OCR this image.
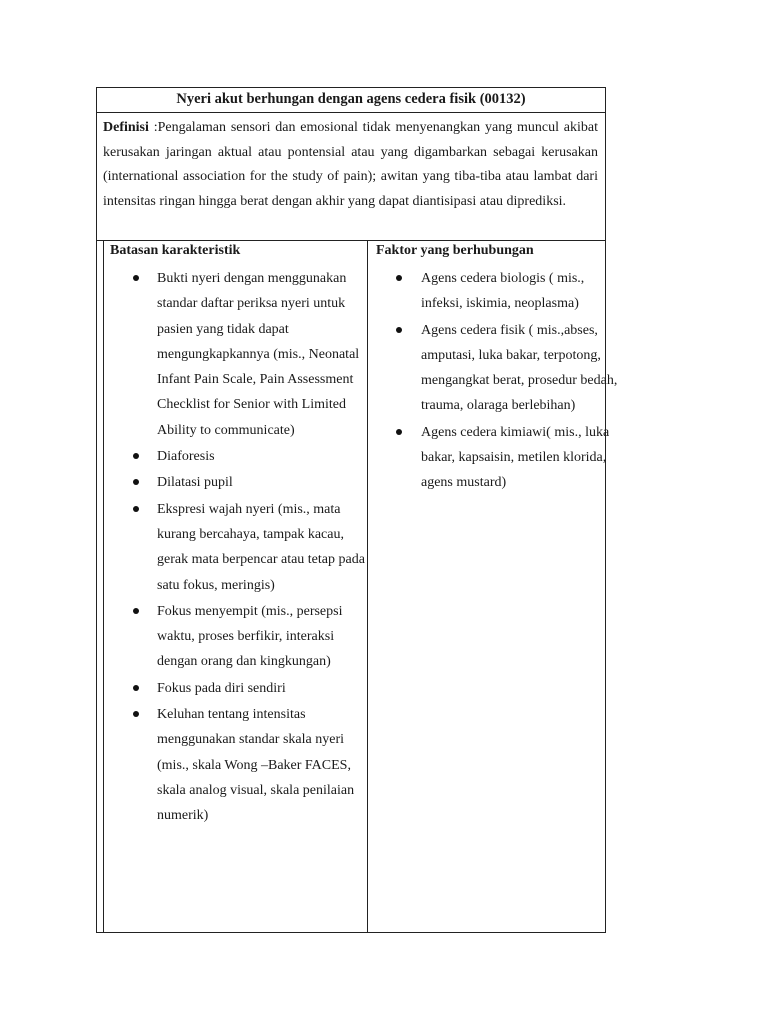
Nyeri akut berhungan dengan agens cedera fisik (00132)
Definisi :Pengalaman sensori dan emosional tidak menyenangkan yang muncul akibat kerusakan jaringan aktual atau pontensial atau yang digambarkan sebagai kerusakan (international association for the study of pain); awitan yang tiba-tiba atau lambat dari intensitas ringan hingga berat dengan akhir yang dapat diantisipasi atau diprediksi.
Batasan karakteristik
Bukti nyeri dengan menggunakan standar daftar periksa nyeri untuk pasien yang tidak dapat mengungkapkannya (mis., Neonatal Infant Pain Scale, Pain Assessment Checklist for Senior with Limited Ability to communicate)
Diaforesis
Dilatasi pupil
Ekspresi wajah nyeri (mis., mata kurang bercahaya, tampak kacau, gerak mata berpencar atau tetap pada satu fokus, meringis)
Fokus menyempit (mis., persepsi waktu, proses berfikir, interaksi dengan orang dan kingkungan)
Fokus pada diri sendiri
Keluhan tentang intensitas menggunakan standar skala nyeri (mis., skala Wong –Baker FACES, skala analog visual, skala penilaian numerik)
Faktor yang berhubungan
Agens cedera biologis ( mis., infeksi, iskimia, neoplasma)
Agens cedera fisik ( mis.,abses, amputasi, luka bakar, terpotong, mengangkat berat, prosedur bedah, trauma, olaraga berlebihan)
Agens cedera kimiawi( mis., luka bakar, kapsaisin, metilen klorida, agens mustard)
